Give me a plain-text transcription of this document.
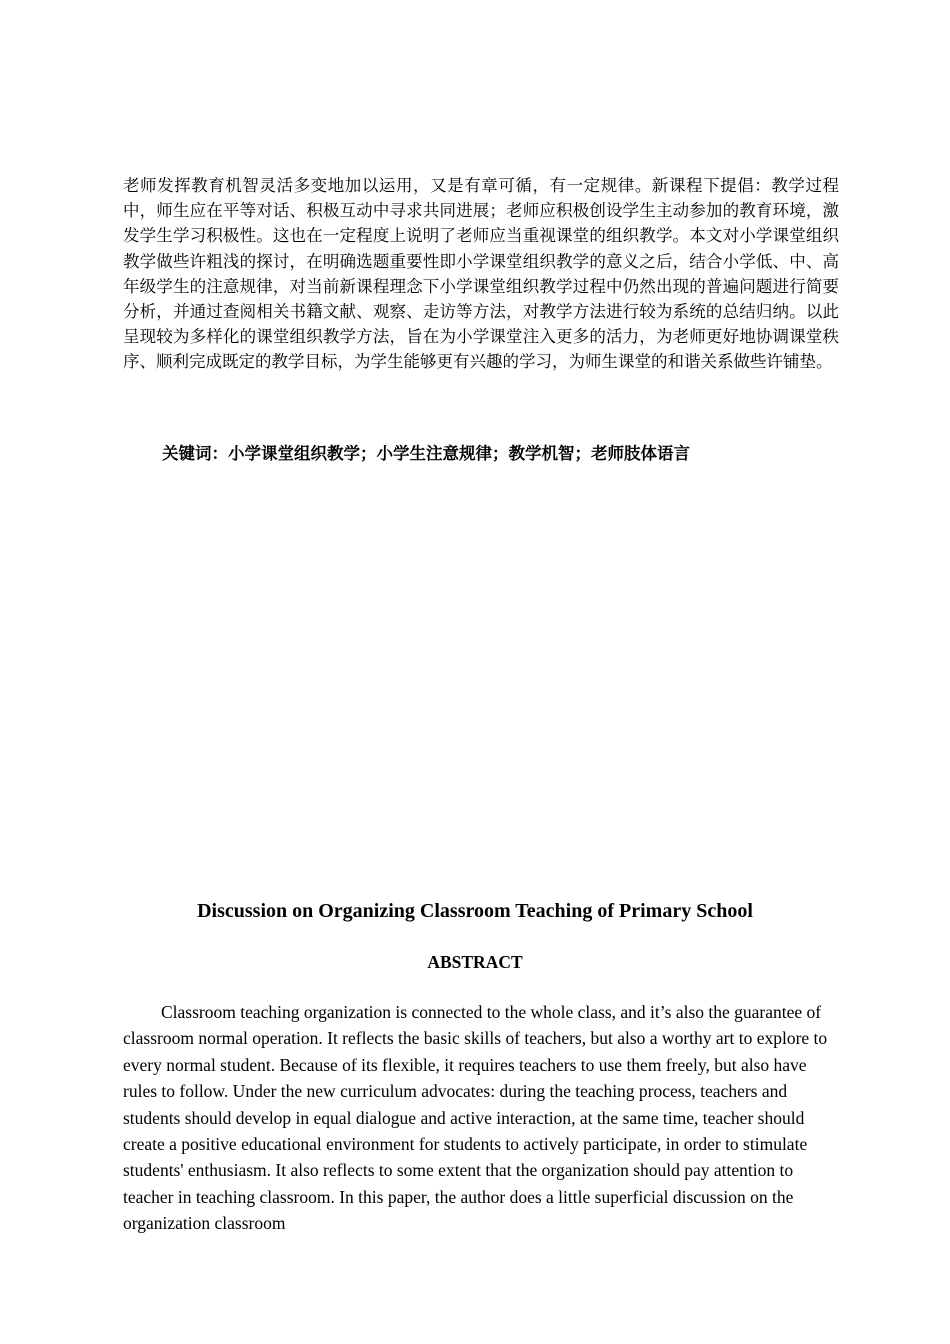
老师发挥教育机智灵活多变地加以运用，又是有章可循，有一定规律。新课程下提倡：教学过程中，师生应在平等对话、积极互动中寻求共同进展；老师应积极创设学生主动参加的教育环境，激发学生学习积极性。这也在一定程度上说明了老师应当重视课堂的组织教学。本文对小学课堂组织教学做些许粗浅的探讨，在明确选题重要性即小学课堂组织教学的意义之后，结合小学低、中、高年级学生的注意规律，对当前新课程理念下小学课堂组织教学过程中仍然出现的普遍问题进行简要分析，并通过查阅相关书籍文献、观察、走访等方法，对教学方法进行较为系统的总结归纳。以此呈现较为多样化的课堂组织教学方法，旨在为小学课堂注入更多的活力，为老师更好地协调课堂秩序、顺利完成既定的教学目标，为学生能够更有兴趣的学习，为师生课堂的和谐关系做些许铺垫。

关键词：小学课堂组织教学；小学生注意规律；教学机智；老师肢体语言

Discussion on Organizing Classroom Teaching of Primary School
ABSTRACT

Classroom teaching organization is connected to the whole class, and it’s also the guarantee of classroom normal operation. It reflects the basic skills of teachers, but also a worthy art to explore to every normal student. Because of its flexible, it requires teachers to use them freely, but also have rules to follow. Under the new curriculum advocates: during the teaching process, teachers and students should develop in equal dialogue and active interaction, at the same time, teacher should create a positive educational environment for students to actively participate, in order to stimulate students' enthusiasm. It also reflects to some extent that the organization should pay attention to teacher in teaching classroom. In this paper, the author does a little superficial discussion on the organization classroom
